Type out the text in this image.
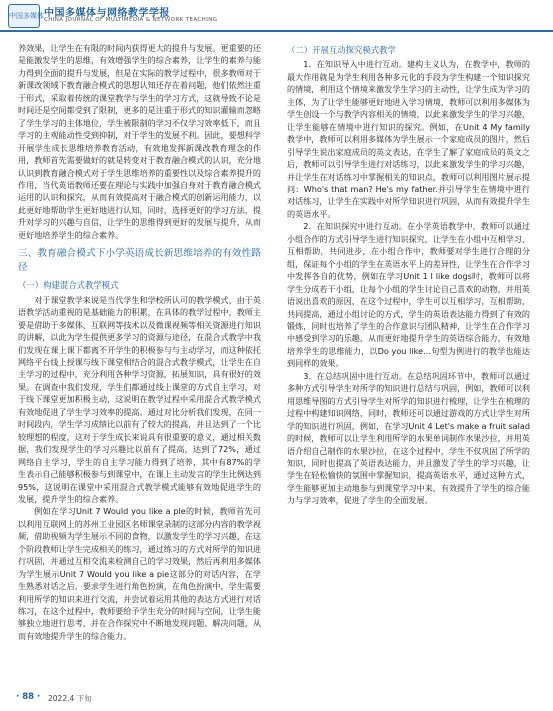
中国多媒体 中国多媒体与网络教学学报
CHINA JOURNAL OF MULTIMEDIA & NETWORK TEACHING

养效果，让学生在有限的时间内获得更大的提升与发展。更重要的还是能激发学生的思维，有效增强学生的综合素养，让学生的素养与能力得到全面的提升与发展，但是在实际的教学过程中，很多教师对于新课改领域下教育融合模式的思想认知还存在着问题，他们依然注重于形式，采取着传统的课堂教学与学生的学习方式，这就导致不论是时间还是空间都受到了限制，更多的是注重于形式的知识灌输而忽略了学生学习的主体地位，学生被限制的学习不仅学习效率低下，而且学习的主观能动性受到抑制，对于学生的发展不利。因此，要想科学开展学生成长思维培养教育活动，有效地发挥新课改教育理念的作用，教师首先需要做好的就是转变对于教育融合模式的认识，充分地认识到教育融合模式对于学生思维培养的重要性以及综合素养提升的作用，当代英语教师还要在理论与实践中加强自身对于教育融合模式运用的认识和探究，从而有效提高对于融合模式的创新运用能力，以此更好地帮助学生更好地进行认知，同时，选择更好的学习方法，提升对学习的兴趣与自信，让学生的思维得到更好的发展与提升，从而更好地培养学生的综合素养。

三、教育融合模式下小学英语成长新思维培养的有效性路径
（一）构建混合式教学模式

对于课堂教学来说是当代学生和学校所认可的教学模式，由于英语教学活动重视的是基础能力的积累，在具体的教学过程中，教师主要是借助于多媒体、互联网等技术以及微课视频等相关资源进行知识的讲解，以此为学生提供更多学习的资源与途径，在混合式教学中我们发现在课上课下都离不开学生的积极参与与主动学习，而这种依托网络平台线上授课与线下课堂相结合的混合式教学模式，让学生在自主学习的过程中，充分利用各种学习资源，拓展知识，具有很好的效果。在调查中我们发现，学生们都通过线上课堂的方式自主学习，对于线下课堂更加积极主动，这说明在教学过程中采用混合式教学模式有效地促进了学生学习效率的提高。通过对比分析我们发现，在同一时间段内，学生学习成绩比以前有了较大的提高，并且达到了一个比较理想的程度，这对于学生成长来说具有很重要的意义，通过相关数据，我们发现学生的学习兴趣比以前有了提高，达到了72%，通过网络自主学习，学生的自主学习能力得到了培养，其中有87%的学生表示自己能够积极参与到课堂中，在课上主动发言的学生比例达到95%，这说明在课堂中采用混合式教学模式能够有效地促进学生的发展，提升学生的综合素养。

例如在学习Unit 7 Would you like a pie的时候，教师首先可以利用互联网上的苏州工业园区名师课堂录制的这部分内容的教学视频，借助视频为学生展示不同的食物，以激发学生的学习兴趣，在这个阶段教师让学生完成相关的练习，通过练习的方式对所学的知识进行巩固，并通过互相交流来检测自己的学习效果，然后再利用多媒体为学生展示Unit 7 Would you like a pie这部分的对话内容，在学生熟悉对话之后，要求学生进行角色扮演，在角色扮演中，学生需要利用所学的知识来进行交流，并尝试着运用其他的表达方式进行对话练习，在这个过程中，教师要给予学生充分的时间与空间，让学生能够独立地进行思考，并在合作探究中不断地发现问题、解决问题，从而有效地提升学生的综合能力。

（二）开展互动探究模式教学

1．在知识导入中进行互动。建构主义认为，在教学中，教师的最大作用就是为学生利用各种多元化的手段为学生构建一个知识探究的情境，利用这个情境来激发学生学习的主动性，让学生成为学习的主体，为了让学生能够更好地进入学习情境，教师可以利用多媒体为学生创设一个与教学内容相关的情境，以此来激发学生的学习兴趣，让学生能够在情境中进行知识的探究。例如，在Unit 4 My family教学中，教师可以利用多媒体为学生展示一个家庭成员的图片，然后引导学生说出家庭成员的英文表达，在学生了解了家庭成员的英文之后，教师可以引导学生进行对话练习，以此来激发学生的学习兴趣，并让学生在对话练习中掌握相关的知识点，教师可以利用图片展示提问：Who's that man? He's my father.并引导学生在情境中进行对话练习，让学生在实践中对所学知识进行巩固，从而有效提升学生的英语水平。

2．在知识探究中进行互动。在小学英语教学中，教师可以通过小组合作的方式引导学生进行知识探究，让学生在小组中互相学习、互相帮助，共同进步，在小组合作中，教师要对学生进行合理的分组，保证每个小组的学生在英语水平上的差异性，让学生在合作学习中发挥各自的优势，例如在学习Unit 1 I like dogs时，教师可以将学生分成若干小组，让每个小组的学生讨论自己喜欢的动物，并用英语说出喜欢的原因，在这个过程中，学生可以互相学习，互相帮助，共同提高，通过小组讨论的方式，学生的英语表达能力得到了有效的锻炼，同时也培养了学生的合作意识与团队精神，让学生在合作学习中感受到学习的乐趣，从而更好地提升学生的英语综合能力，有效地培养学生的思维能力，以Do you like…句型为例进行的教学也能达到同样的效果。

3．在总结巩固中进行互动。在总结巩固环节中，教师可以通过多种方式引导学生对所学的知识进行总结与巩固，例如，教师可以利用思维导图的方式引导学生对所学的知识进行梳理，让学生在梳理的过程中构建知识网络，同时，教师还可以通过游戏的方式让学生对所学的知识进行巩固，例如，在学习Unit 4 Let's make a fruit salad的时候，教师可以让学生利用所学的水果单词制作水果沙拉，并用英语介绍自己制作的水果沙拉，在这个过程中，学生不仅巩固了所学的知识，同时也提高了英语表达能力，并且激发了学生的学习兴趣，让学生在轻松愉快的氛围中掌握知识，提高英语水平，通过这种方式，学生能够更加主动地参与到课堂学习中来，有效提升了学生的综合能力与学习效率，促进了学生的全面发展。

· 88 · 2022.4 下旬
